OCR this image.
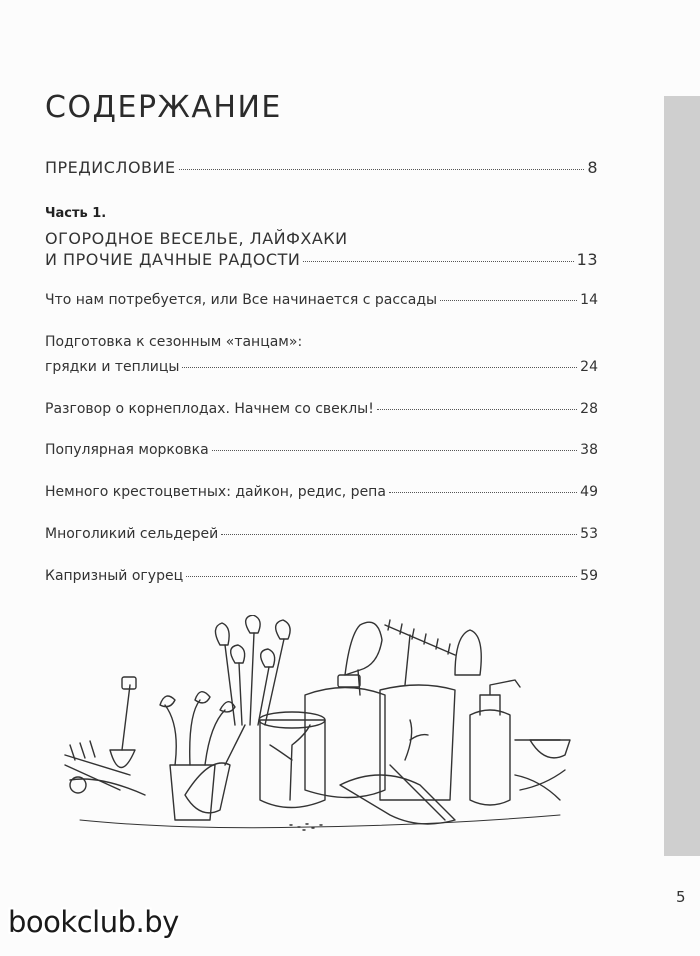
СОДЕРЖАНИЕ
ПРЕДИСЛОВИЕ	8
Часть 1.
ОГОРОДНОЕ ВЕСЕЛЬЕ, ЛАЙФХАКИ
И ПРОЧИЕ ДАЧНЫЕ РАДОСТИ	13
Что нам потребуется, или Все начинается с рассады	14
Подготовка к сезонным «танцам»:
грядки и теплицы	24
Разговор о корнеплодах. Начнем со свеклы!	28
Популярная морковка	38
Немного крестоцветных: дайкон, редис, репа	49
Многоликий сельдерей	53
Капризный огурец	59
5
bookclub.by
